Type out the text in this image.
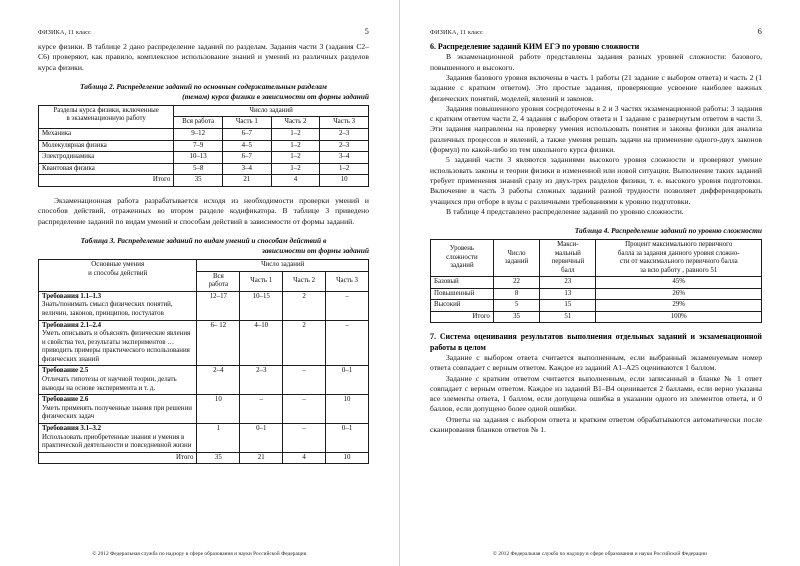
ФИЗИКА, 11 класс	5

курсе физики. В таблице 2 дано распределение заданий по разделам. Задания части 3 (задания С2–С6) проверяют, как правило, комплексное использование знаний и умений из различных разделов курса физики.

Таблица 2. Распределение заданий по основным содержательным разделам
(темам) курса физики в зависимости от формы заданий
Разделы курса физики, включенные
в экзаменационную работу	Число заданий			
	Вся работа	Часть 1	Часть 2	Часть 3
Механика	9–12	6–7	1–2	2–3
Молекулярная физика	7–9	4–5	1–2	2–3
Электродинамика	10–13	6–7	1–2	3–4
Квантовая физика	5–8	3–4	1–2	1–2
Итого	35	21	4	10

Экзаменационная работа разрабатывается исходя из необходимости проверки умений и способов действий, отраженных во втором разделе кодификатора. В таблице 3 приведено распределение заданий по видам умений и способам действий в зависимости от формы заданий.

Таблица 3. Распределение заданий по видам умений и способам действий в
зависимости от формы заданий
Основные умения
и способы действий	Число заданий			
	Вся
работа	Часть 1	Часть 2	Часть 3
Требования 1.1–1.3
Знать/понимать смысл физических понятий, величин, законов, принципов, постулатов	12–17	10–15	2	–
Требования 2.1–2.4
Уметь описывать и объяснять физические явления и свойства тел, результаты экспериментов … приводить примеры практического использования физических знаний	6– 12	4–10	2	–
Требование 2.5
Отличать гипотезы от научной теории, делать выводы на основе эксперимента и т. д.	2–4	2–3	–	0–1
Требование 2.6
Уметь применять полученные знания при решении физических задач	10	–	–	10
Требования 3.1–3.2
Использовать приобретенные знания и умения в практической деятельности и повседневной жизни	1	0–1	–	0–1
Итого	35	21	4	10
© 2012 Федеральная служба по надзору в сфере образования и науки Российской Федерации
ФИЗИКА, 11 класс	6
6. Распределение заданий КИМ ЕГЭ по уровню сложности

В экзаменационной работе представлены задания разных уровней сложности: базового, повышенного и высокого.

Задания базового уровня включены в часть 1 работы (21 задание с выбором ответа) и часть 2 (1 задание с кратким ответом). Это простые задания, проверяющие усвоение наиболее важных физических понятий, моделей, явлений и законов.

Задания повышенного уровня сосредоточены в 2 и 3 частях экзаменационной работы: 3 задания с кратким ответом части 2, 4 задания с выбором ответа и 1 задание с развернутым ответом в части 3. Эти задания направлены на проверку умения использовать понятия и законы физики для анализа различных процессов и явлений, а также умения решать задачи на применение одного-двух законов (формул) по какой-либо из тем школьного курса физики.

5 заданий части 3 являются заданиями высокого уровня сложности и проверяют умение использовать законы и теории физики в измененной или новой ситуации. Выполнение таких заданий требует применения знаний сразу из двух-трех разделов физики, т. е. высокого уровня подготовки. Включение в часть 3 работы сложных заданий разной трудности позволяет дифференцировать учащихся при отборе в вузы с различными требованиями к уровню подготовки.

В таблице 4 представлено распределение заданий по уровню сложности.

Таблица 4. Распределение заданий по уровню сложности
Уровень
сложности
заданий	Число
заданий	Макси-
мальный
первичный
балл	Процент максимального первичного
балла за задания данного уровня сложно-
сти от максимального первичного балла
за всю работу , равного 51
Базовый	22	23	45%
Повышенный	8	13	26%
Высокий	5	15	29%
Итого	35	51	100%
7. Система оценивания результатов выполнения отдельных заданий и экзаменационной работы в целом

Задание с выбором ответа считается выполненным, если выбранный экзаменуемым номер ответа совпадает с верным ответом. Каждое из заданий А1–А25 оцениваются 1 баллом.

Задание с кратким ответом считается выполненным, если записанный в бланке № 1 ответ совпадает с верным ответом. Каждое из заданий В1–В4 оценивается 2 баллами, если верно указаны все элементы ответа, 1 баллом, если допущена ошибка в указании одного из элементов ответа, и 0 баллов, если допущено более одной ошибки.

Ответы на задания с выбором ответа и кратким ответом обрабатываются автоматически после сканирования бланков ответов № 1.

© 2012 Федеральная служба по надзору в сфере образования и науки Российской Федерации
